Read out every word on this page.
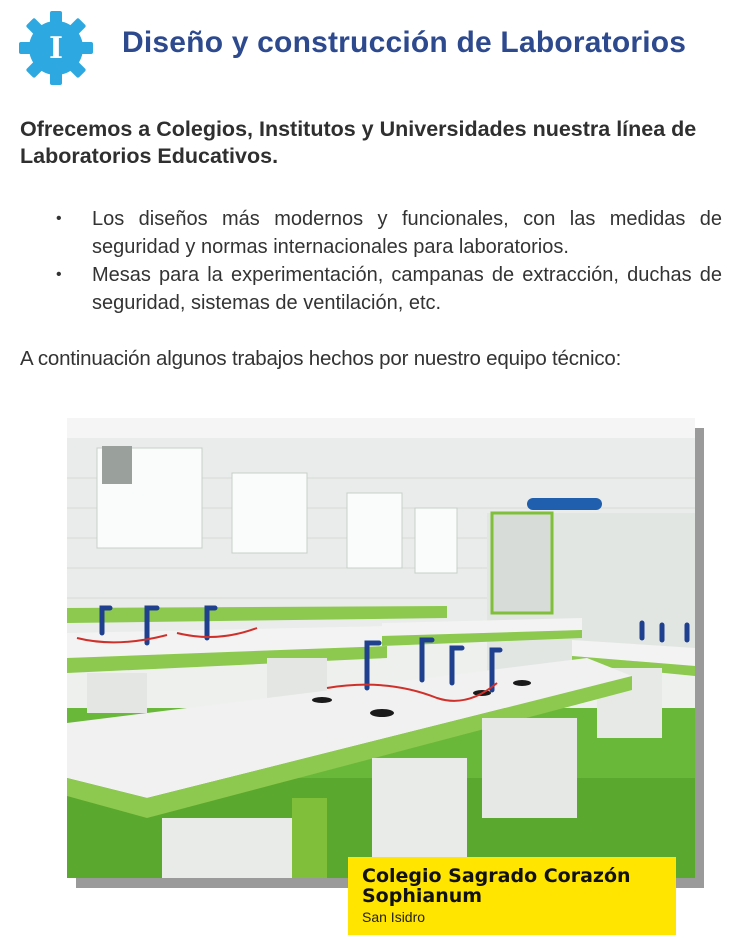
I	Diseño y construcción de Laboratorios
Ofrecemos a Colegios, Institutos y Universidades nuestra línea de Laboratorios Educativos.
• Los diseños más modernos y funcionales, con las medidas de seguridad y normas internacionales para laboratorios.
• Mesas para la experimentación, campanas de extracción, duchas de seguridad, sistemas de ventilación, etc.
A continuación algunos trabajos hechos por nuestro equipo técnico:
Colegio Sagrado Corazón
Sophianum
San Isidro
